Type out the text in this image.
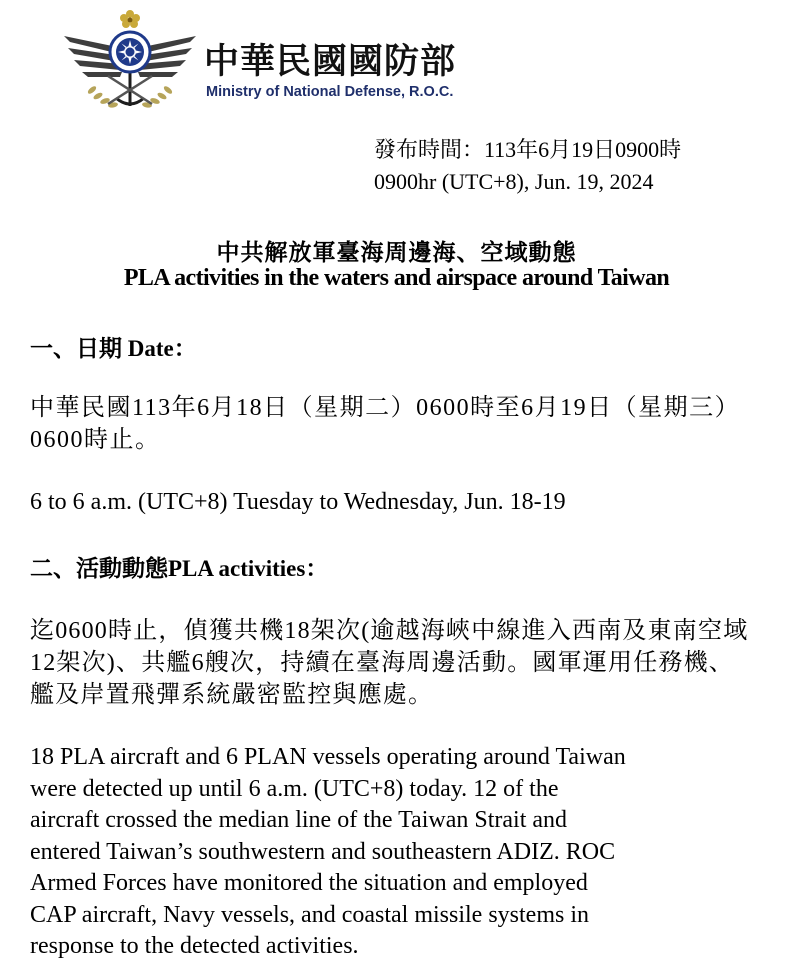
中華民國國防部
Ministry of National Defense, R.O.C.
發布時間：113年6月19日0900時
0900hr (UTC+8), Jun. 19, 2024
中共解放軍臺海周邊海、空域動態
PLA activities in the waters and airspace around Taiwan
一、日期 Date：
中華民國113年6月18日（星期二）0600時至6月19日（星期三）0600時止。
6 to 6 a.m. (UTC+8) Tuesday to Wednesday, Jun. 18-19
二、活動動態PLA activities：
迄0600時止，偵獲共機18架次(逾越海峽中線進入西南及東南空域12架次)、共艦6艘次，持續在臺海周邊活動。國軍運用任務機、艦及岸置飛彈系統嚴密監控與應處。
18 PLA aircraft and 6 PLAN vessels operating around Taiwan
were detected up until 6 a.m. (UTC+8) today. 12 of the
aircraft crossed the median line of the Taiwan Strait and
entered Taiwan’s southwestern and southeastern ADIZ. ROC
Armed Forces have monitored the situation and employed
CAP aircraft, Navy vessels, and coastal missile systems in
response to the detected activities.
